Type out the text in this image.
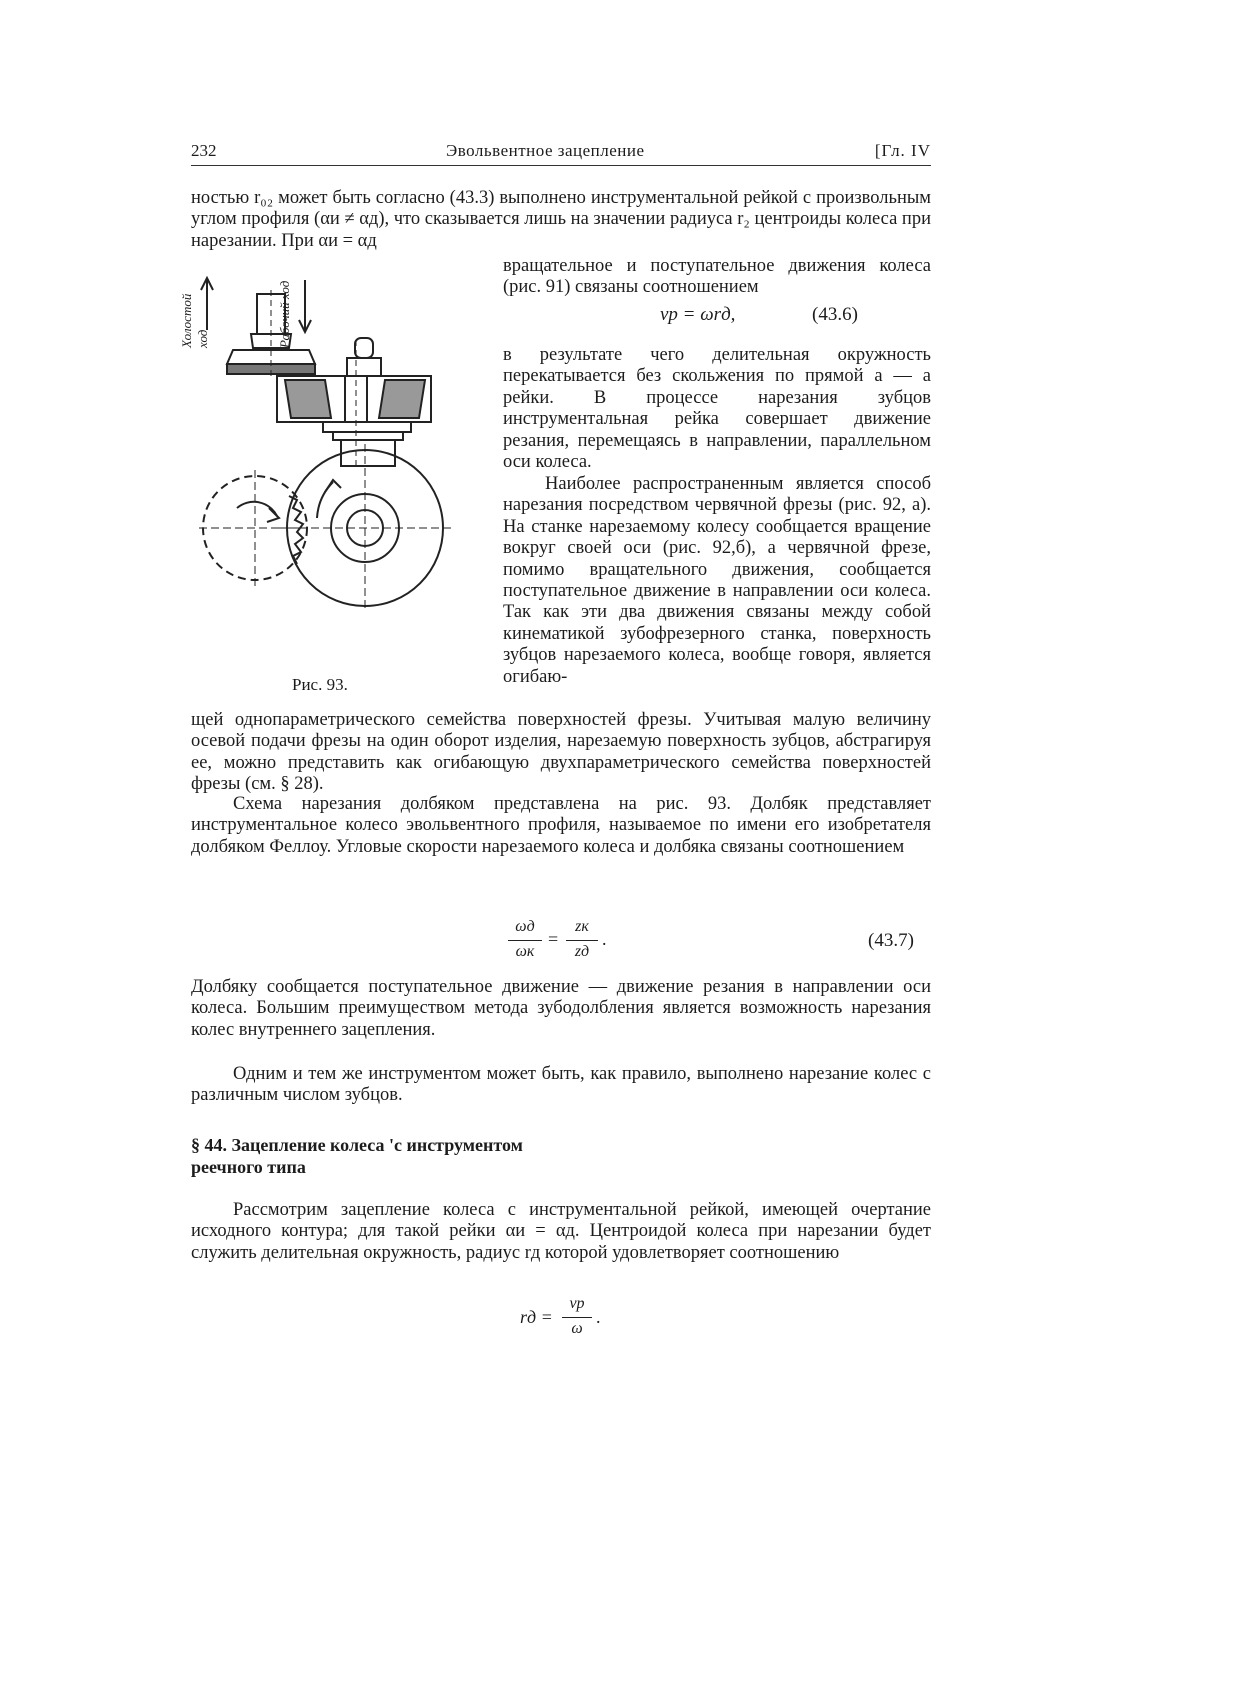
232	Эвольвентное зацепление	[Гл. IV
ностью r₀₂ может быть согласно (43.3) выполнено инструментальной рейкой с произвольным углом профиля (αи ≠ αд), что сказывается лишь на значении радиуса r₂ центроиды колеса при нарезании. При αи = αд
вращательное и поступательное движения колеса (рис. 91) связаны соотношением
vp = ωrд,	(43.6)
в результате чего делительная окружность перекатывается без скольжения по прямой a — a рейки. В процессе нарезания зубцов инструментальная рейка совершает движение резания, перемещаясь в направлении, параллельном оси колеса.
Наиболее распространенным является способ нарезания посредством червячной фрезы (рис. 92, а). На станке нарезаемому колесу сообщается вращение вокруг своей оси (рис. 92,б), а червячной фрезе, помимо вращательного движения, сообщается поступательное движение в направлении оси колеса. Так как эти два движения связаны между собой кинематикой зубофрезерного станка, поверхность зубцов нарезаемого колеса, вообще говоря, является огибаю-
щей однопараметрического семейства поверхностей фрезы. Учитывая малую величину осевой подачи фрезы на один оборот изделия, нарезаемую поверхность зубцов, абстрагируя ее, можно представить как огибающую двухпараметрического семейства поверхностей фрезы (см. § 28).
Схема нарезания долбяком представлена на рис. 93. Долбяк представляет инструментальное колесо эвольвентного профиля, называемое по имени его изобретателя долбяком Феллоу. Угловые скорости нарезаемого колеса и долбяка связаны соотношением
ωд
ωк
=
zк
zд
.	(43.7)
Долбяку сообщается поступательное движение — движение резания в направлении оси колеса. Большим преимуществом метода зубодолбления является возможность нарезания колес внутреннего зацепления.
Одним и тем же инструментом может быть, как правило, выполнено нарезание колес с различным числом зубцов.
§ 44. Зацепление колеса 'с инструментом
реечного типа
Рассмотрим зацепление колеса с инструментальной рейкой, имеющей очертание исходного контура; для такой рейки αи = αд. Центроидой колеса при нарезании будет служить делительная окружность, радиус rд которой удовлетворяет соотношению
rд =
vp
ω
.
Холостой ход	Рабочий ход
Рис. 93.
